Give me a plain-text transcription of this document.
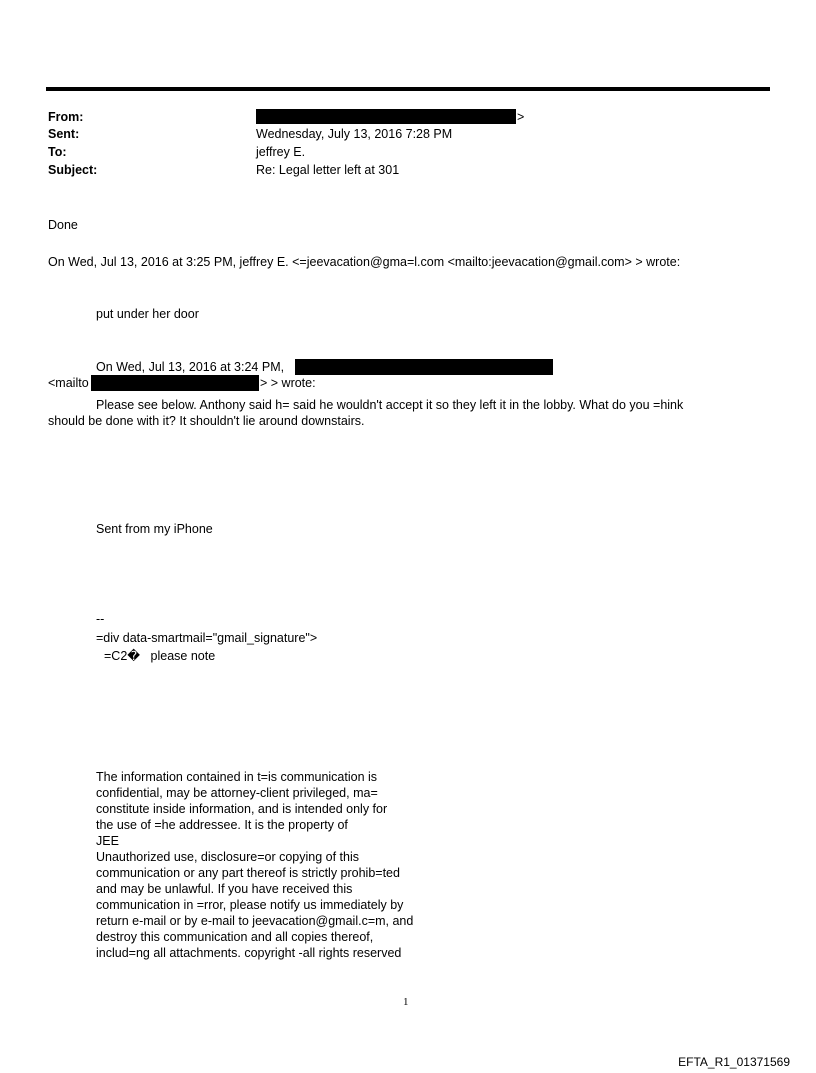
From:	>
Sent:	Wednesday, July 13, 2016 7:28 PM
To:	jeffrey E.
Subject:	Re: Legal letter left at 301
Done
On Wed, Jul 13, 2016 at 3:25 PM, jeffrey E. <=jeevacation@gma=l.com <mailto:jeevacation@gmail.com> > wrote:
put under her door
On Wed, Jul 13, 2016 at 3:24 PM,
<mailto	> > wrote:
Please see below. Anthony said h= said he wouldn't accept it so they left it in the lobby. What do you =hink
should be done with it? It shouldn't lie around downstairs.
Sent from my iPhone
--
=div data-smartmail="gmail_signature">
=C2�   please note
The information contained in t=is communication is
confidential, may be attorney-client privileged, ma=
constitute inside information, and is intended only for
the use of =he addressee. It is the property of
JEE
Unauthorized use, disclosure=or copying of this
communication or any part thereof is strictly prohib=ted
and may be unlawful. If you have received this
communication in =rror, please notify us immediately by
return e-mail or by e-mail to jeevacation@gmail.c=m, and
destroy this communication and all copies thereof,
includ=ng all attachments. copyright -all rights reserved
1
EFTA_R1_01371569
